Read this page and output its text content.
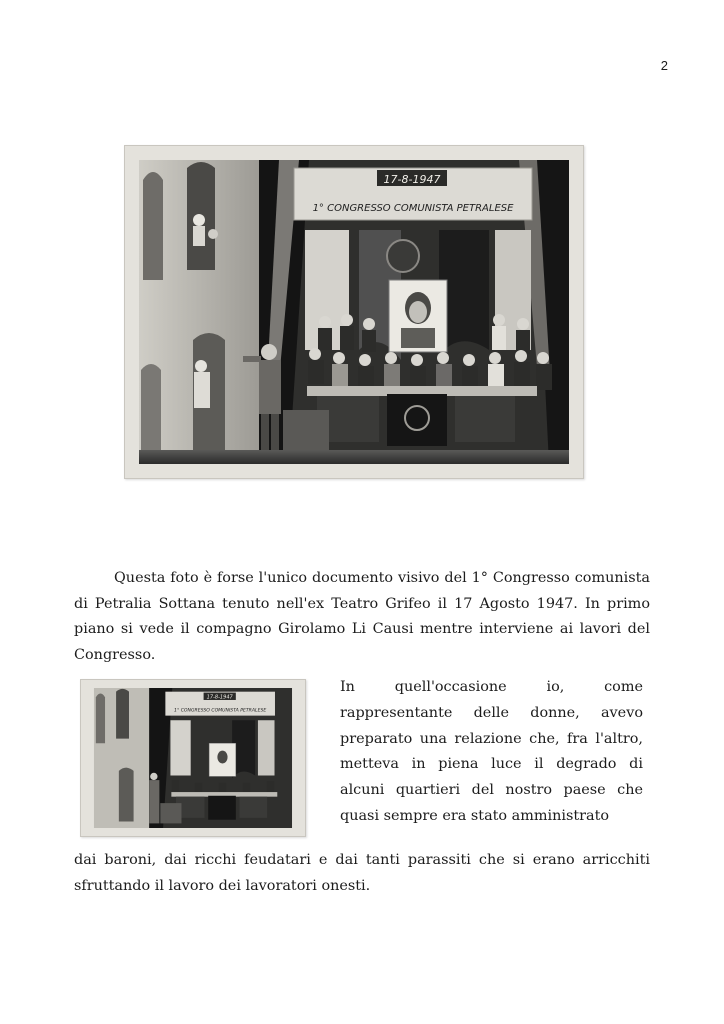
2
17-8-1947
1° CONGRESSO COMUNISTA PETRALESE

Questa foto è forse l'unico documento visivo del 1° Congresso comunista di Petralia Sottana tenuto nell'ex Teatro Grifeo il 17 Agosto 1947. In primo piano si vede il compagno Girolamo Li Causi mentre interviene ai lavori del Congresso.

17-8-1947
1° CONGRESSO COMUNISTA PETRALESE

In quell'occasione io, come rappresentante delle donne, avevo preparato una relazione che, fra l'altro, metteva in piena luce il degrado di alcuni quartieri del nostro paese che quasi sempre era stato amministrato

dai baroni, dai ricchi feudatari e dai tanti parassiti che si erano arricchiti sfruttando il lavoro dei lavoratori onesti.
